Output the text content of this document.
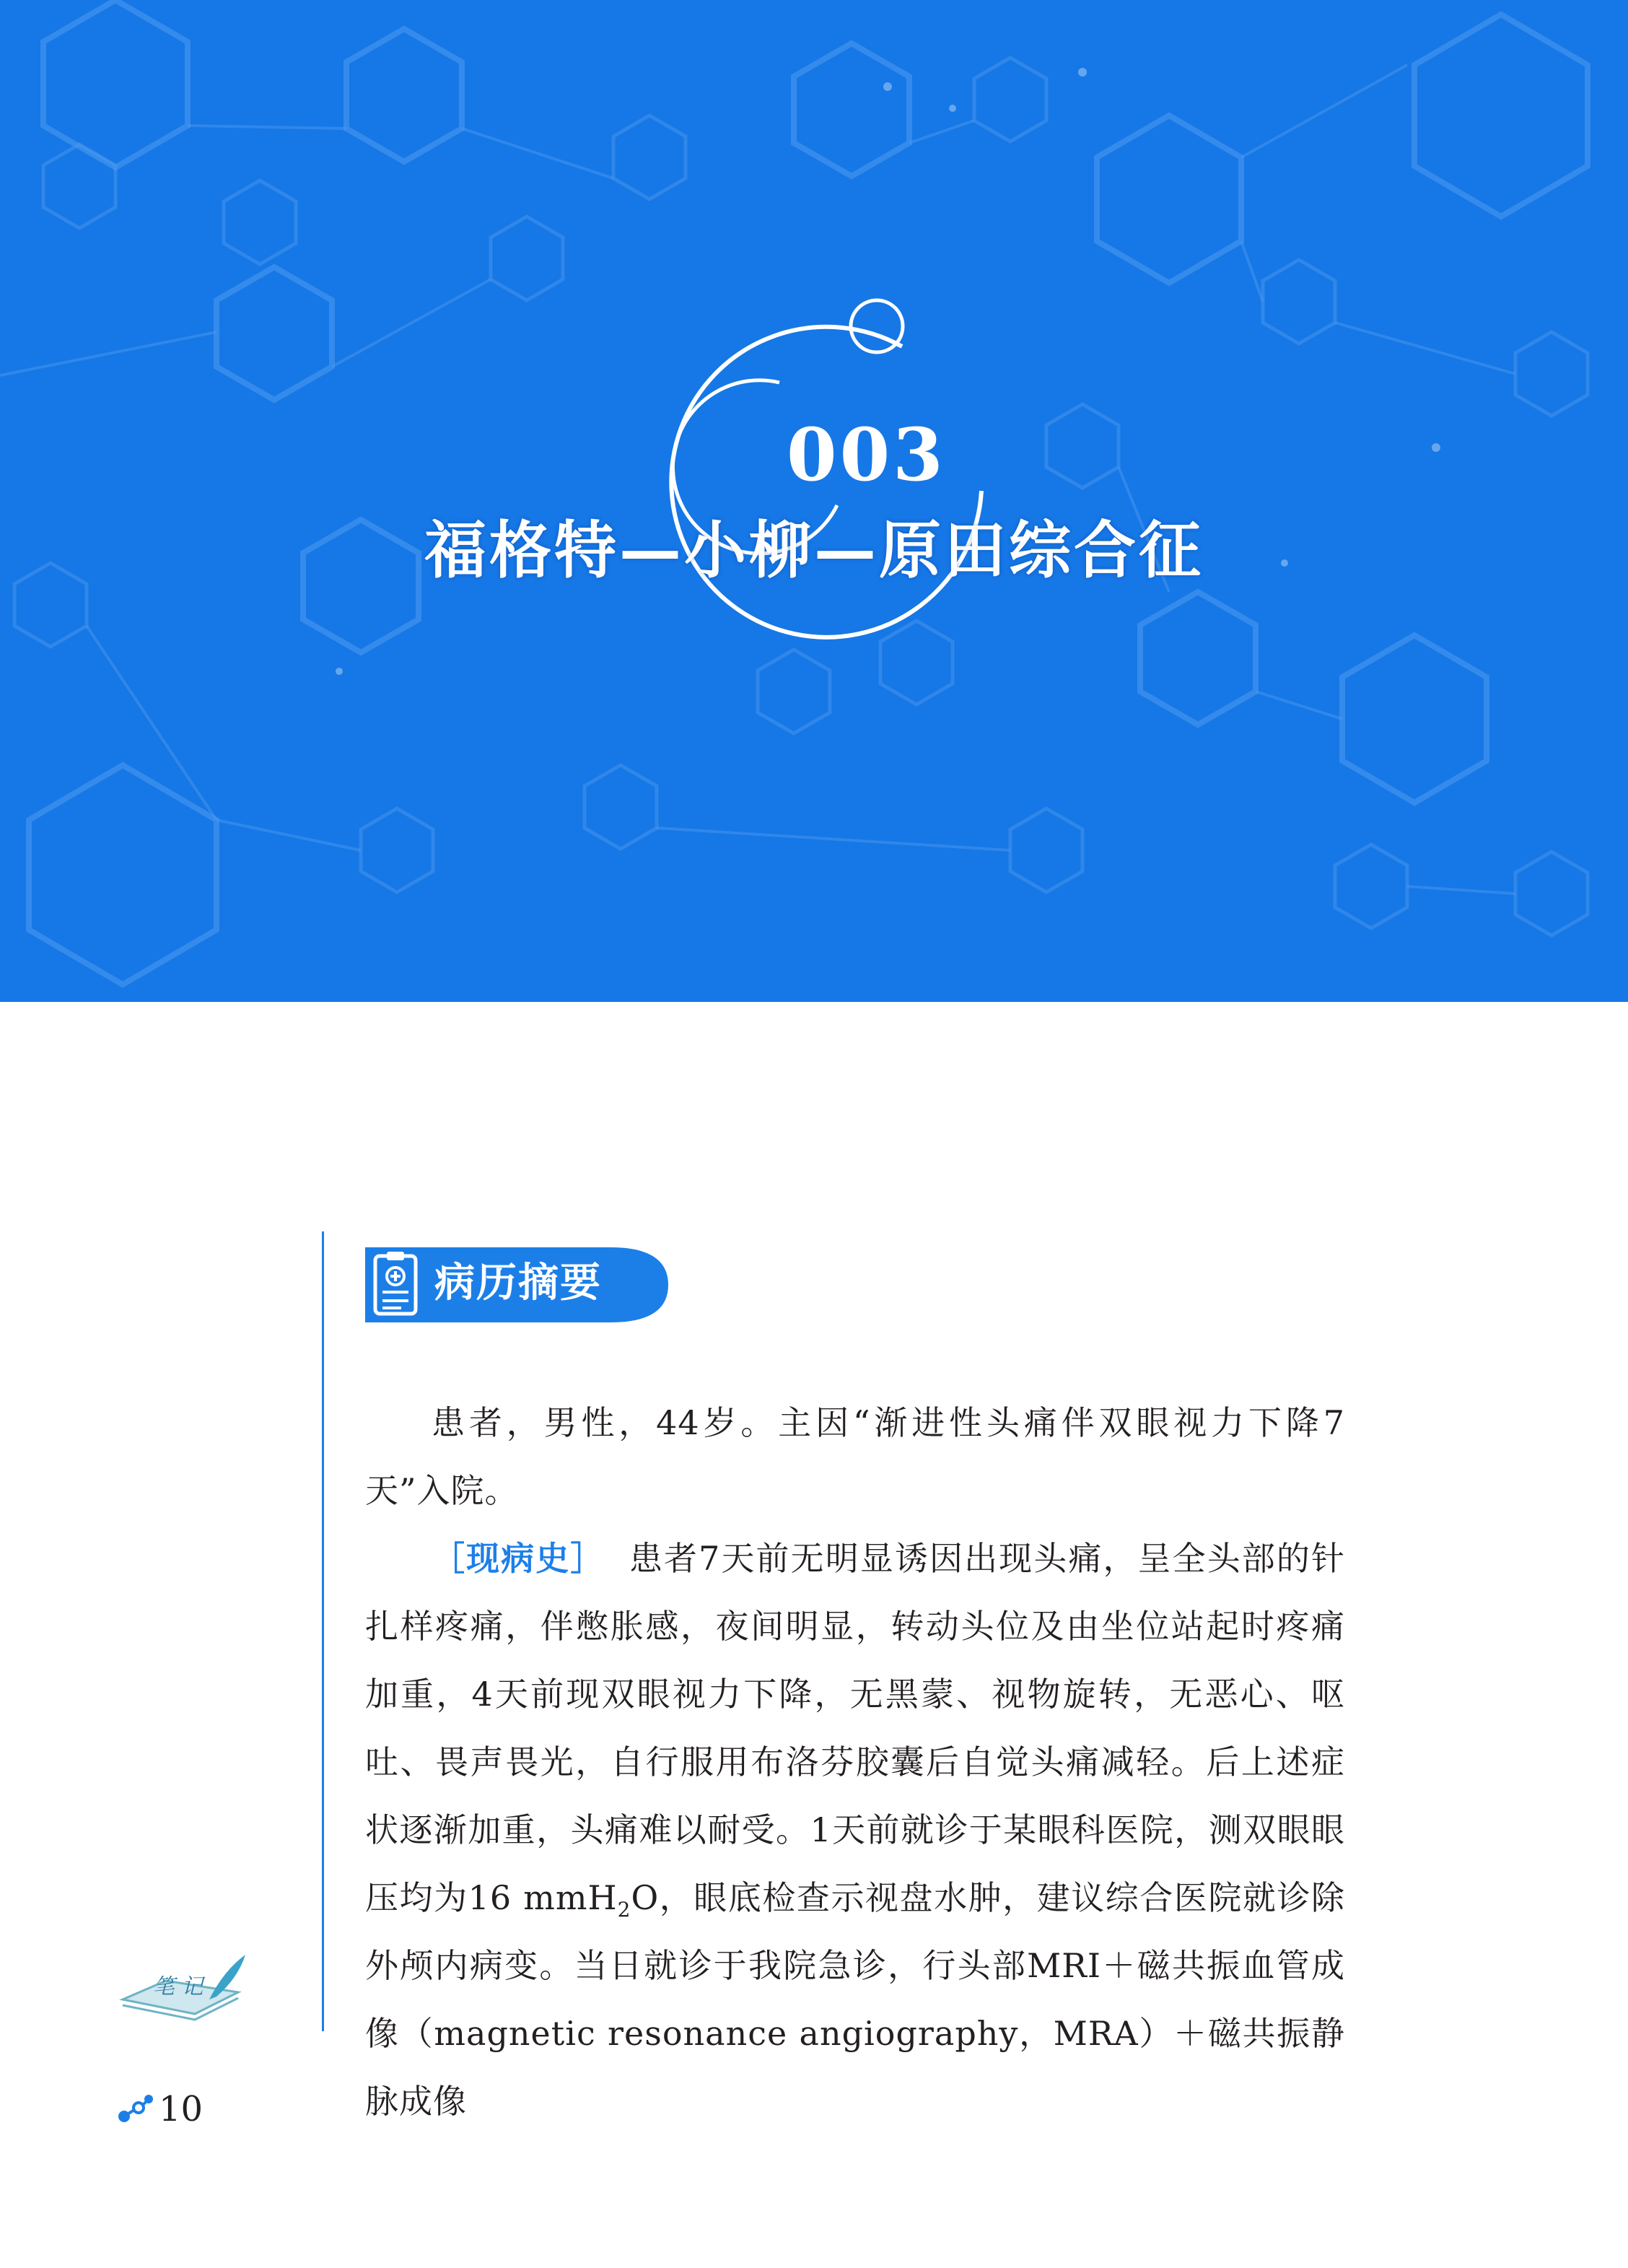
003
福格特—小柳—原田综合征
病历摘要

患者，男性，44岁。主因“渐进性头痛伴双眼视力下降7天”入院。

［现病史］ 患者7天前无明显诱因出现头痛，呈全头部的针扎样疼痛，伴憋胀感，夜间明显，转动头位及由坐位站起时疼痛加重，4天前现双眼视力下降，无黑蒙、视物旋转，无恶心、呕吐、畏声畏光，自行服用布洛芬胶囊后自觉头痛减轻。后上述症状逐渐加重，头痛难以耐受。1天前就诊于某眼科医院，测双眼眼压均为16 mmH$_2$O，眼底检查示视盘水肿，建议综合医院就诊除外颅内病变。当日就诊于我院急诊，行头部MRI＋磁共振血管成像（magnetic resonance angiography，MRA）＋磁共振静脉成像

笔 记
10
